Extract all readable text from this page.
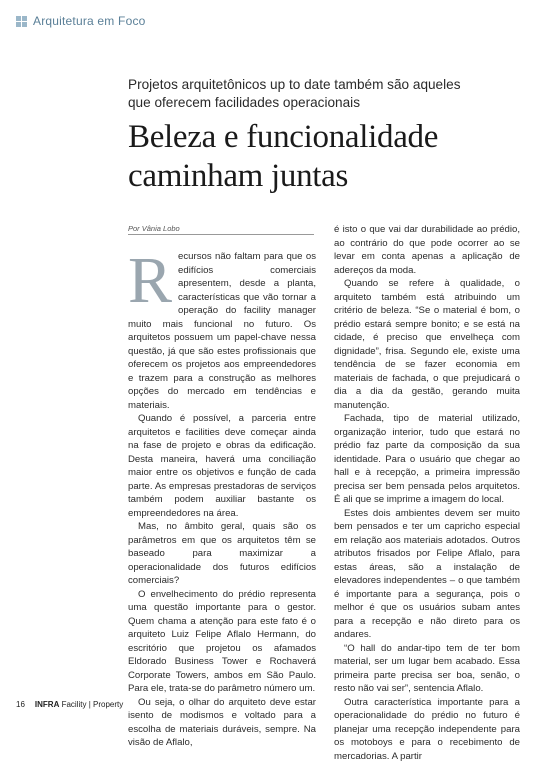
Arquitetura em Foco
Projetos arquitetônicos up to date também são aqueles
que oferecem facilidades operacionais
Beleza e funcionalidade
caminham juntas
Por Vânia Lobo
R ecursos não faltam para que os edifícios comerciais apresentem, desde a planta, características que vão tornar a operação do facility manager muito mais funcional no futuro. Os arquitetos possuem um papel-chave nessa questão, já que são estes profissionais que oferecem os projetos aos empreendedores e trazem para a construção as melhores opções do mercado em tendências e materiais.

Quando é possível, a parceria entre arquitetos e facilities deve começar ainda na fase de projeto e obras da edificação. Desta maneira, haverá uma conciliação maior entre os objetivos e função de cada parte. As empresas prestadoras de serviços também podem auxiliar bastante os empreendedores na área.

Mas, no âmbito geral, quais são os parâmetros em que os arquitetos têm se baseado para maximizar a operacionalidade dos futuros edifícios comerciais?

O envelhecimento do prédio representa uma questão importante para o gestor. Quem chama a atenção para este fato é o arquiteto Luiz Felipe Aflalo Hermann, do escritório que projetou os afamados Eldorado Business Tower e Rochaverá Corporate Towers, ambos em São Paulo. Para ele, trata-se do parâmetro número um.

Ou seja, o olhar do arquiteto deve estar isento de modismos e voltado para a escolha de materiais duráveis, sempre. Na visão de Aflalo,

é isto o que vai dar durabilidade ao prédio, ao contrário do que pode ocorrer ao se levar em conta apenas a aplicação de adereços da moda.

Quando se refere à qualidade, o arquiteto também está atribuindo um critério de beleza. “Se o material é bom, o prédio estará sempre bonito; e se está na cidade, é preciso que envelheça com dignidade”, frisa. Segundo ele, existe uma tendência de se fazer economia em materiais de fachada, o que prejudicará o dia a dia da gestão, gerando muita manutenção.

Fachada, tipo de material utilizado, organização interior, tudo que estará no prédio faz parte da composição da sua identidade. Para o usuário que chegar ao hall e à recepção, a primeira impressão precisa ser bem pensada pelos arquitetos. É ali que se imprime a imagem do local.

Estes dois ambientes devem ser muito bem pensados e ter um capricho especial em relação aos materiais adotados. Outros atributos frisados por Felipe Aflalo, para estas áreas, são a instalação de elevadores independentes – o que também é importante para a segurança, pois o melhor é que os usuários subam antes para a recepção e não direto para os andares.

“O hall do andar-tipo tem de ter bom material, ser um lugar bem acabado. Essa primeira parte precisa ser boa, senão, o resto não vai ser”, sentencia Aflalo.

Outra característica importante para a operacionalidade do prédio no futuro é planejar uma recepção independente para os motoboys e para o recebimento de mercadorias. A partir

16 INFRA Facility | Property
